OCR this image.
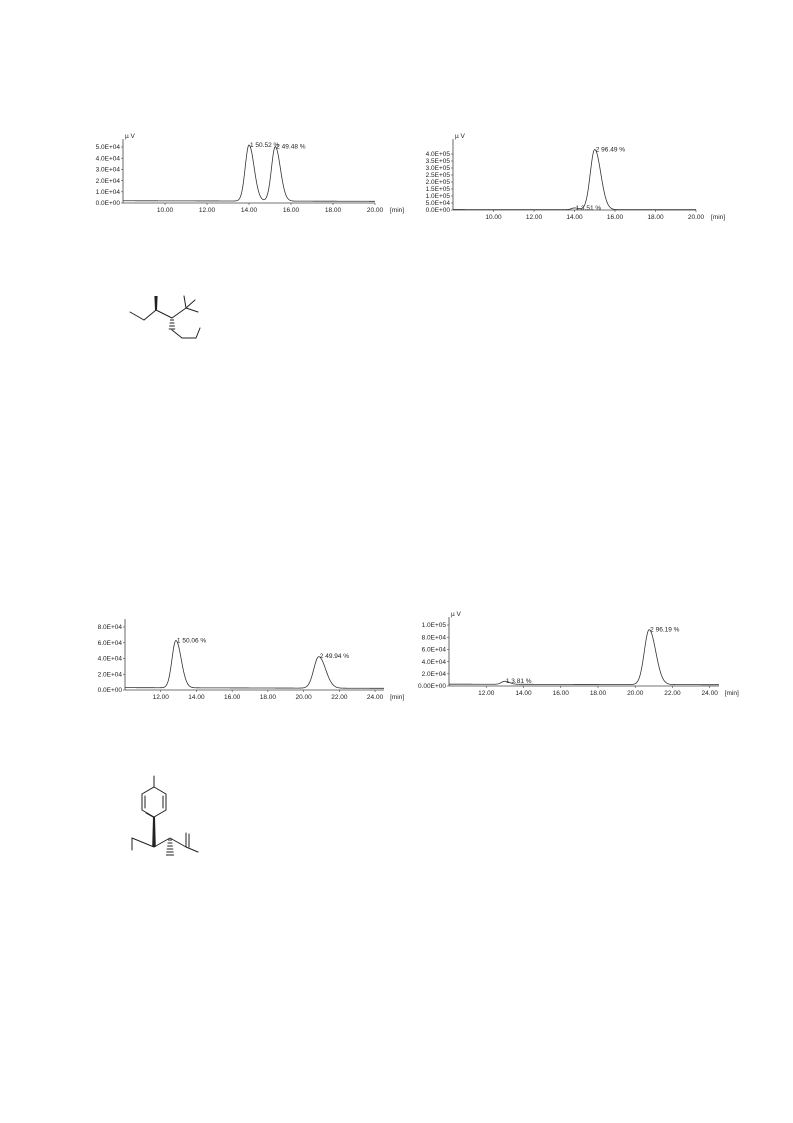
0.0E+00
1.0E+04
2.0E+04
3.0E+04
4.0E+04
5.0E+04
10.00	12.00	14.00	16.00	18.00	20.00 [min]
µ V
1 50.52 %
2 49.48 %
0.0E+00
5.0E+04
1.0E+05
1.5E+05
2.0E+05
2.5E+05
3.0E+05
3.5E+05
4.0E+05
10.00	12.00	14.00	16.00	18.00	20.00 [min]
µ V
1 3.51 %
2 96.49 %
0.0E+00
2.0E+04
4.0E+04
6.0E+04
8.0E+04
12.00	14.00	16.00	18.00	20.00	22.00	24.00 [min]
1 50.06 %
2 49.94 %
0.00E+00
2.0E+04
4.0E+04
6.0E+04
8.0E+04
1.0E+05
12.00	14.00	16.00	18.00	20.00	22.00	24.00 [min]
µ V
1 3.81 %
2 96.19 %
